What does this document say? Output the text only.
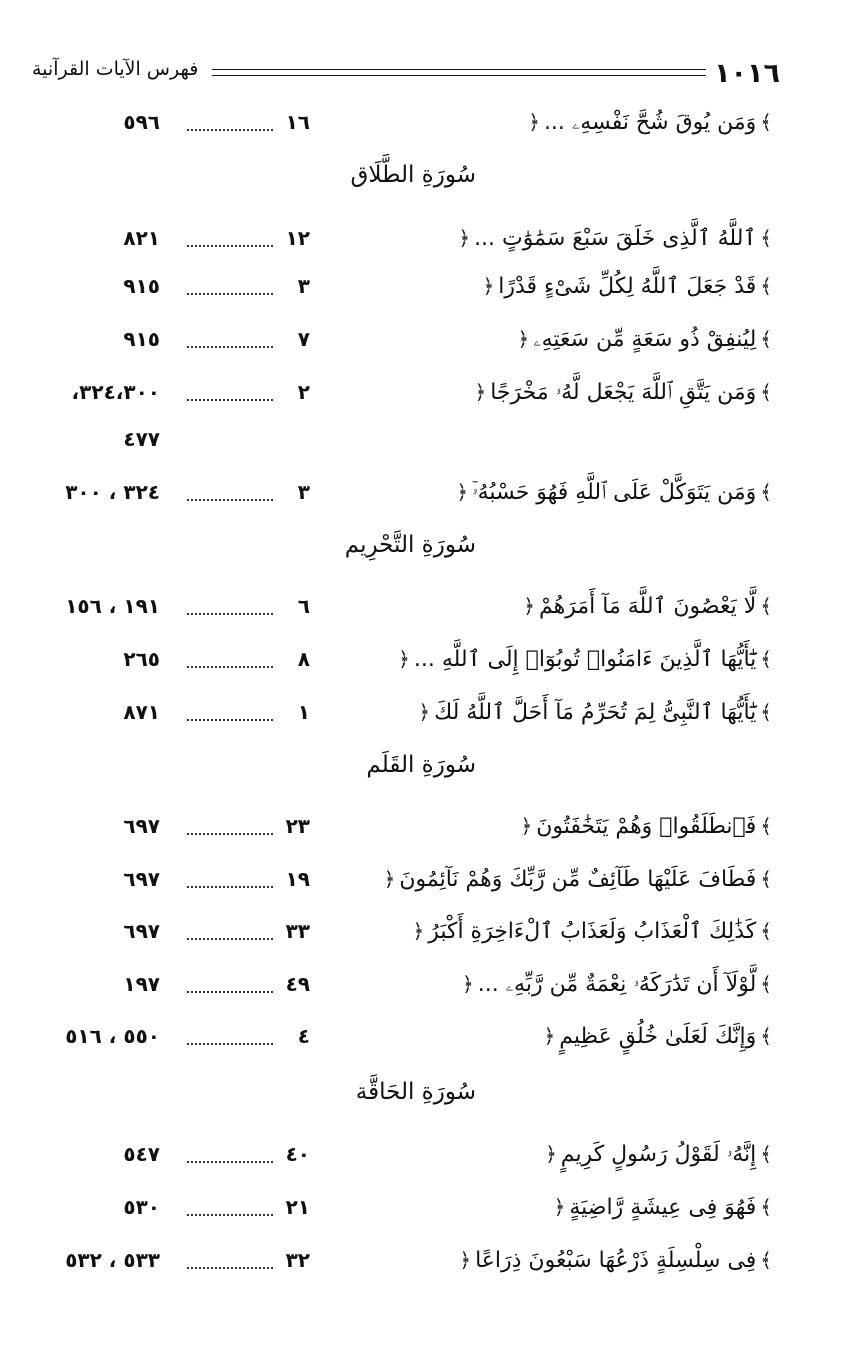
١٠١٦
فهرس الآيات القرآنية
﴾وَمَن يُوقَ شُحَّ نَفْسِهِۦ ...﴿
١٦
٥٩٦
سُورَةِ الطَّلَاق
﴾ٱللَّهُ ٱلَّذِى خَلَقَ سَبْعَ سَمَٰوَٰتٍ ...﴿
١٢
٨٢١
﴾قَدْ جَعَلَ ٱللَّهُ لِكُلِّ شَىْءٍ قَدْرًا﴿
٣
٩١٥
﴾لِيُنفِقْ ذُو سَعَةٍ مِّن سَعَتِهِۦ﴿
٧
٩١٥
﴾وَمَن يَتَّقِ ٱللَّهَ يَجْعَل لَّهُۥ مَخْرَجًا﴿
٢
٣٢٤،٣٠٠،
٤٧٧
﴾وَمَن يَتَوَكَّلْ عَلَى ٱللَّهِ فَهُوَ حَسْبُهُۥٓ﴿
٣
٣٢٤ ، ٣٠٠
سُورَةِ التَّحْرِيم
﴾لَّا يَعْصُونَ ٱللَّهَ مَآ أَمَرَهُمْ﴿
٦
١٩١ ، ١٥٦
﴾يَٰٓأَيُّهَا ٱلَّذِينَ ءَامَنُوا۟ تُوبُوٓا۟ إِلَى ٱللَّهِ ...﴿
٨
٢٦٥
﴾يَٰٓأَيُّهَا ٱلنَّبِىُّ لِمَ تُحَرِّمُ مَآ أَحَلَّ ٱللَّهُ لَكَ﴿
١
٨٧١
سُورَةِ القَلَم
﴾فَٱنطَلَقُوا۟ وَهُمْ يَتَخَٰفَتُونَ﴿
٢٣
٦٩٧
﴾فَطَافَ عَلَيْهَا طَآئِفٌ مِّن رَّبِّكَ وَهُمْ نَآئِمُونَ﴿
١٩
٦٩٧
﴾كَذَٰلِكَ ٱلْعَذَابُ وَلَعَذَابُ ٱلْءَاخِرَةِ أَكْبَرُ﴿
٣٣
٦٩٧
﴾لَّوْلَآ أَن تَدَٰرَكَهُۥ نِعْمَةٌ مِّن رَّبِّهِۦ ...﴿
٤٩
١٩٧
﴾وَإِنَّكَ لَعَلَىٰ خُلُقٍ عَظِيمٍ﴿
٤
٥٥٠ ، ٥١٦
سُورَةِ الحَاقَّة
﴾إِنَّهُۥ لَقَوْلُ رَسُولٍ كَرِيمٍ﴿
٤٠
٥٤٧
﴾فَهُوَ فِى عِيشَةٍ رَّاضِيَةٍ﴿
٢١
٥٣٠
﴾فِى سِلْسِلَةٍ ذَرْعُهَا سَبْعُونَ ذِرَاعًا﴿
٣٢
٥٣٣ ، ٥٣٢
